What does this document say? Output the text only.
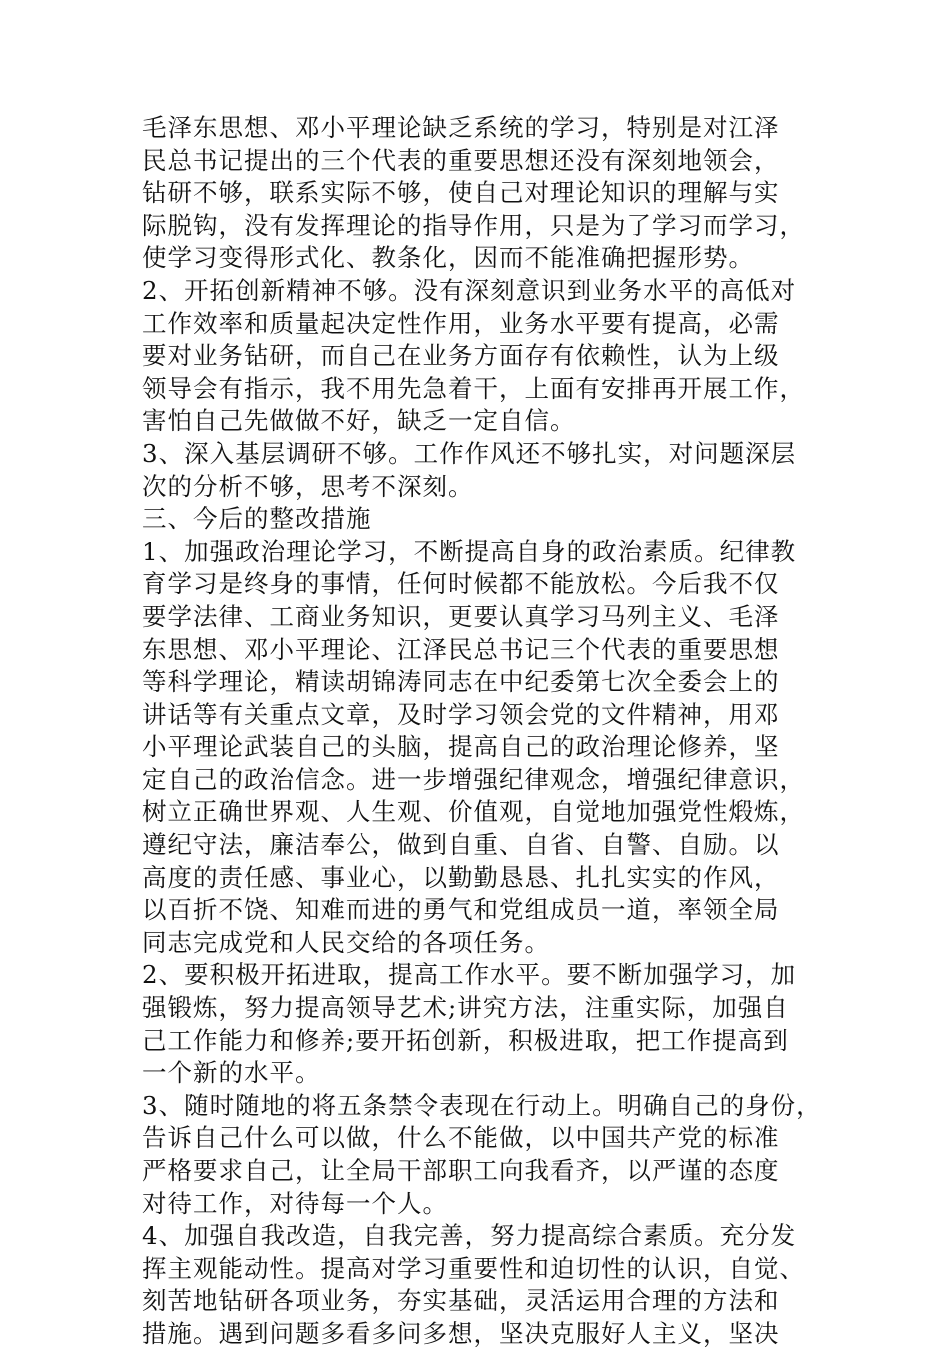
毛泽东思想、邓小平理论缺乏系统的学习，特别是对江泽

民总书记提出的三个代表的重要思想还没有深刻地领会，

钻研不够，联系实际不够，使自己对理论知识的理解与实

际脱钩，没有发挥理论的指导作用，只是为了学习而学习，

使学习变得形式化、教条化，因而不能准确把握形势。

2、开拓创新精神不够。没有深刻意识到业务水平的高低对

工作效率和质量起决定性作用，业务水平要有提高，必需

要对业务钻研，而自己在业务方面存有依赖性，认为上级

领导会有指示，我不用先急着干，上面有安排再开展工作，

害怕自己先做做不好，缺乏一定自信。

3、深入基层调研不够。工作作风还不够扎实，对问题深层

次的分析不够，思考不深刻。

三、今后的整改措施

1、加强政治理论学习，不断提高自身的政治素质。纪律教

育学习是终身的事情，任何时候都不能放松。今后我不仅

要学法律、工商业务知识，更要认真学习马列主义、毛泽

东思想、邓小平理论、江泽民总书记三个代表的重要思想

等科学理论，精读胡锦涛同志在中纪委第七次全委会上的

讲话等有关重点文章，及时学习领会党的文件精神，用邓

小平理论武装自己的头脑，提高自己的政治理论修养，坚

定自己的政治信念。进一步增强纪律观念，增强纪律意识，

树立正确世界观、人生观、价值观，自觉地加强党性煅炼，

遵纪守法，廉洁奉公，做到自重、自省、自警、自励。以

高度的责任感、事业心，以勤勤恳恳、扎扎实实的作风，

以百折不饶、知难而进的勇气和党组成员一道，率领全局

同志完成党和人民交给的各项任务。

2、要积极开拓进取，提高工作水平。要不断加强学习，加

强锻炼，努力提高领导艺术;讲究方法，注重实际，加强自

己工作能力和修养;要开拓创新，积极进取，把工作提高到

一个新的水平。

3、随时随地的将五条禁令表现在行动上。明确自己的身份，

告诉自己什么可以做，什么不能做，以中国共产党的标准

严格要求自己，让全局干部职工向我看齐，以严谨的态度

对待工作，对待每一个人。

4、加强自我改造，自我完善，努力提高综合素质。充分发

挥主观能动性。提高对学习重要性和迫切性的认识，自觉、

刻苦地钻研各项业务，夯实基础，灵活运用合理的方法和

措施。遇到问题多看多问多想，坚决克服好人主义，坚决
